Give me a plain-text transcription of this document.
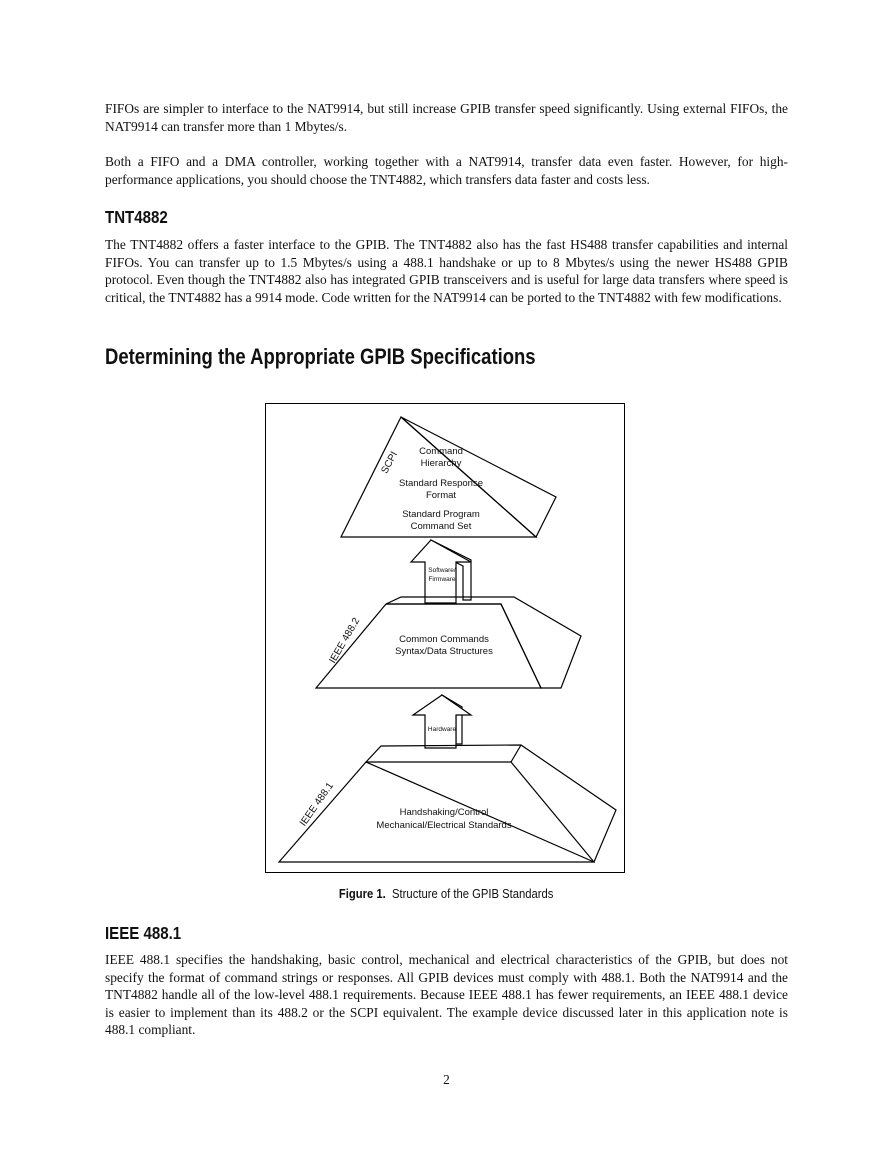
FIFOs are simpler to interface to the NAT9914, but still increase GPIB transfer speed significantly. Using external FIFOs, the NAT9914 can transfer more than 1 Mbytes/s.

Both a FIFO and a DMA controller, working together with a NAT9914, transfer data even faster. However, for high-performance applications, you should choose the TNT4882, which transfers data faster and costs less.

TNT4882

The TNT4882 offers a faster interface to the GPIB. The TNT4882 also has the fast HS488 transfer capabilities and internal FIFOs. You can transfer up to 1.5 Mbytes/s using a 488.1 handshake or up to 8 Mbytes/s using the newer HS488 GPIB protocol. Even though the TNT4882 also has integrated GPIB transceivers and is useful for large data transfers where speed is critical, the TNT4882 has a 9914 mode. Code written for the NAT9914 can be ported to the TNT4882 with few modifications.

Determining the Appropriate GPIB Specifications
SCPI Command
Hierarchy
Standard Response
Format
Standard Program
Command Set
Software/
Firmware
IEEE 488.2	Common Commands
Syntax/Data Structures
Hardware
IEEE 488.1	Handshaking/Control
Mechanical/Electrical Standards
Figure 1. Structure of the GPIB Standards
IEEE 488.1

IEEE 488.1 specifies the handshaking, basic control, mechanical and electrical characteristics of the GPIB, but does not specify the format of command strings or responses. All GPIB devices must comply with 488.1. Both the NAT9914 and the TNT4882 handle all of the low-level 488.1 requirements. Because IEEE 488.1 has fewer requirements, an IEEE 488.1 device is easier to implement than its 488.2 or the SCPI equivalent. The example device discussed later in this application note is 488.1 compliant.

2
